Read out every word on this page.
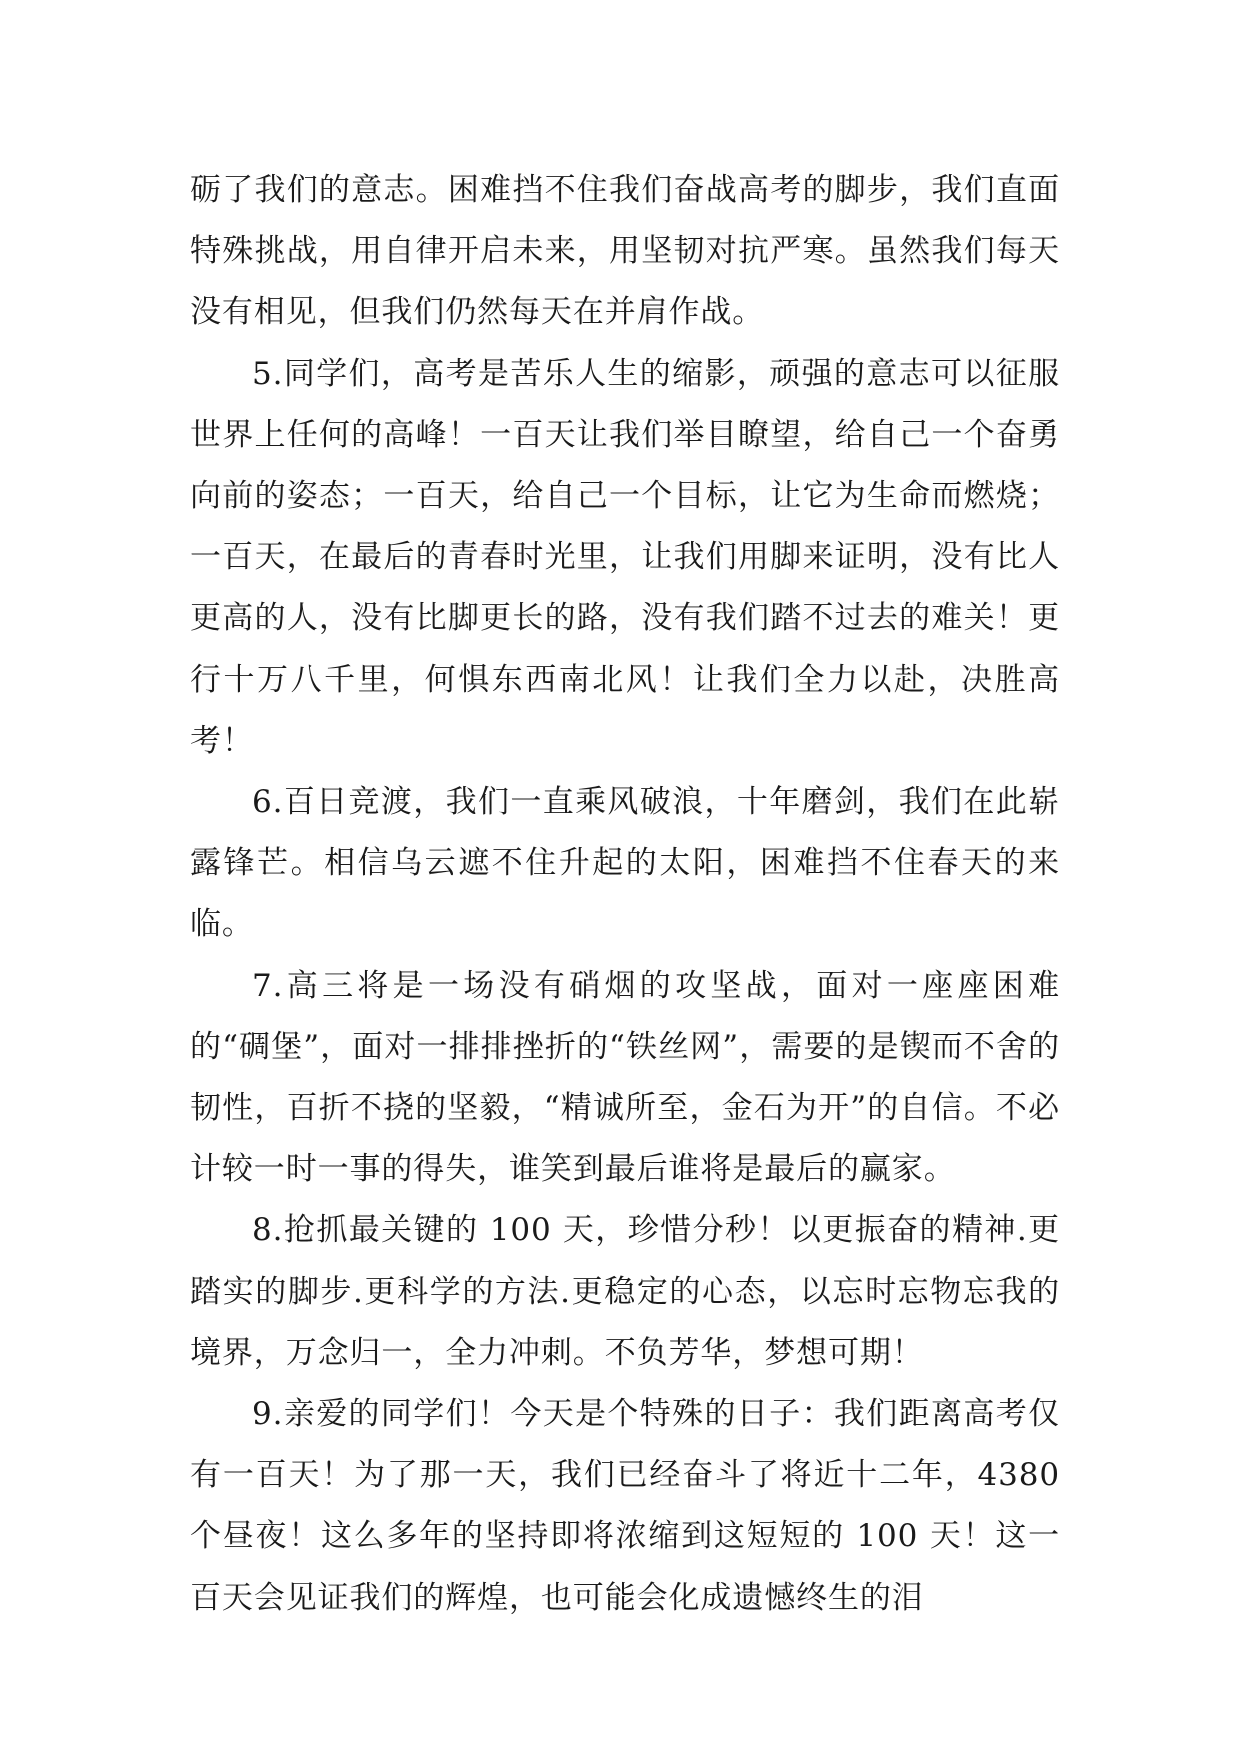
砺了我们的意志。困难挡不住我们奋战高考的脚步，我们直面特殊挑战，用自律开启未来，用坚韧对抗严寒。虽然我们每天没有相见，但我们仍然每天在并肩作战。

5.同学们，高考是苦乐人生的缩影，顽强的意志可以征服世界上任何的高峰！一百天让我们举目瞭望，给自己一个奋勇向前的姿态；一百天，给自己一个目标，让它为生命而燃烧；一百天，在最后的青春时光里，让我们用脚来证明，没有比人更高的人，没有比脚更长的路，没有我们踏不过去的难关！更行十万八千里，何惧东西南北风！让我们全力以赴，决胜高考！

6.百日竞渡，我们一直乘风破浪，十年磨剑，我们在此崭露锋芒。相信乌云遮不住升起的太阳，困难挡不住春天的来临。

7.高三将是一场没有硝烟的攻坚战，面对一座座困难的“碉堡”，面对一排排挫折的“铁丝网”，需要的是锲而不舍的韧性，百折不挠的坚毅，“精诚所至，金石为开”的自信。不必计较一时一事的得失，谁笑到最后谁将是最后的赢家。

8.抢抓最关键的 100 天，珍惜分秒！以更振奋的精神.更踏实的脚步.更科学的方法.更稳定的心态，以忘时忘物忘我的境界，万念归一，全力冲刺。不负芳华，梦想可期！

9.亲爱的同学们！今天是个特殊的日子：我们距离高考仅有一百天！为了那一天，我们已经奋斗了将近十二年，4380 个昼夜！这么多年的坚持即将浓缩到这短短的 100 天！这一百天会见证我们的辉煌，也可能会化成遗憾终生的泪
